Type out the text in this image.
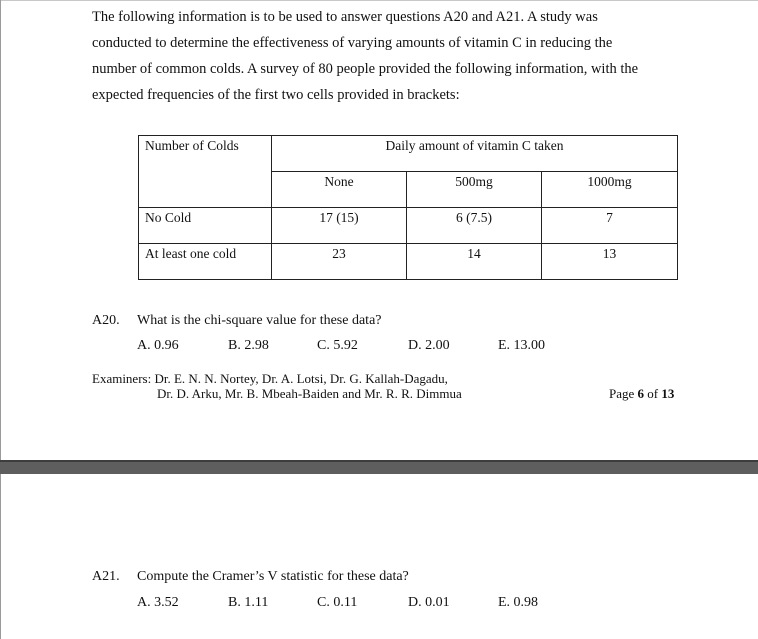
The following information is to be used to answer questions A20 and A21. A study was

conducted to determine the effectiveness of varying amounts of vitamin C in reducing the

number of common colds. A survey of 80 people provided the following information, with the

expected frequencies of the first two cells provided in brackets:

Number of Colds	Daily amount of vitamin C taken		
	None	500mg	1000mg
No Cold	17 (15)	6 (7.5)	7
At least one cold	23	14	13
A20. What is the chi-square value for these data?
A. 0.96	B. 2.98	C. 5.92	D. 2.00	E. 13.00
Examiners: Dr. E. N. N. Nortey, Dr. A. Lotsi, Dr. G. Kallah-Dagadu,
Dr. D. Arku, Mr. B. Mbeah-Baiden and Mr. R. R. Dimmua	Page 6 of 13
A21. Compute the Cramer’s V statistic for these data?
A. 3.52	B. 1.11	C. 0.11	D. 0.01	E. 0.98
